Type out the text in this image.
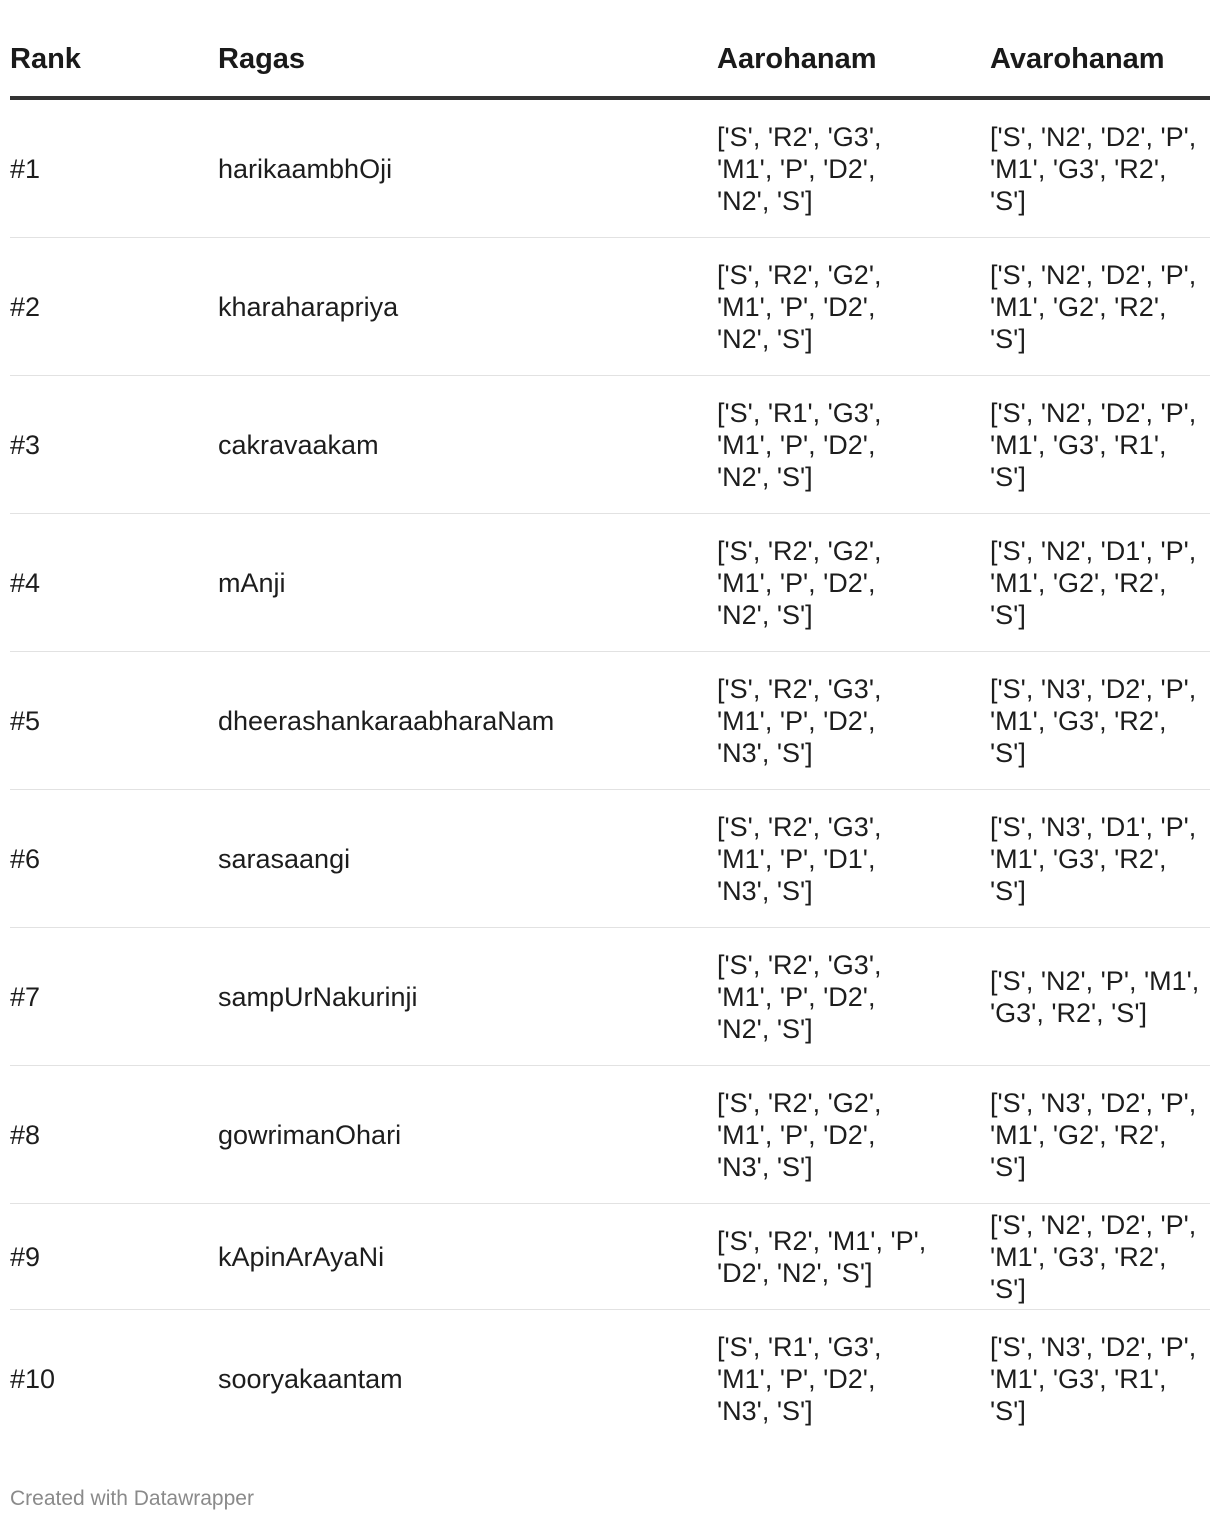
Rank	Ragas	Aarohanam	Avarohanam

#1	harikaambhOji	['S', 'R2', 'G3', 'M1', 'P', 'D2', 'N2', 'S']	['S', 'N2', 'D2', 'P', 'M1', 'G3', 'R2', 'S']

#2	kharaharapriya	['S', 'R2', 'G2', 'M1', 'P', 'D2', 'N2', 'S']	['S', 'N2', 'D2', 'P', 'M1', 'G2', 'R2', 'S']

#3	cakravaakam	['S', 'R1', 'G3', 'M1', 'P', 'D2', 'N2', 'S']	['S', 'N2', 'D2', 'P', 'M1', 'G3', 'R1', 'S']

#4	mAnji	['S', 'R2', 'G2', 'M1', 'P', 'D2', 'N2', 'S']	['S', 'N2', 'D1', 'P', 'M1', 'G2', 'R2', 'S']

#5	dheerashankaraabharaNam	['S', 'R2', 'G3', 'M1', 'P', 'D2', 'N3', 'S']	['S', 'N3', 'D2', 'P', 'M1', 'G3', 'R2', 'S']

#6	sarasaangi	['S', 'R2', 'G3', 'M1', 'P', 'D1', 'N3', 'S']	['S', 'N3', 'D1', 'P', 'M1', 'G3', 'R2', 'S']

#7	sampUrNakurinji	['S', 'R2', 'G3', 'M1', 'P', 'D2', 'N2', 'S']	['S', 'N2', 'P', 'M1', 'G3', 'R2', 'S']

#8	gowrimanOhari	['S', 'R2', 'G2', 'M1', 'P', 'D2', 'N3', 'S']	['S', 'N3', 'D2', 'P', 'M1', 'G2', 'R2', 'S']

#9	kApinArAyaNi	['S', 'R2', 'M1', 'P', 'D2', 'N2', 'S']	['S', 'N2', 'D2', 'P', 'M1', 'G3', 'R2', 'S']

#10	sooryakaantam	['S', 'R1', 'G3', 'M1', 'P', 'D2', 'N3', 'S']	['S', 'N3', 'D2', 'P', 'M1', 'G3', 'R1', 'S']
Created with Datawrapper
